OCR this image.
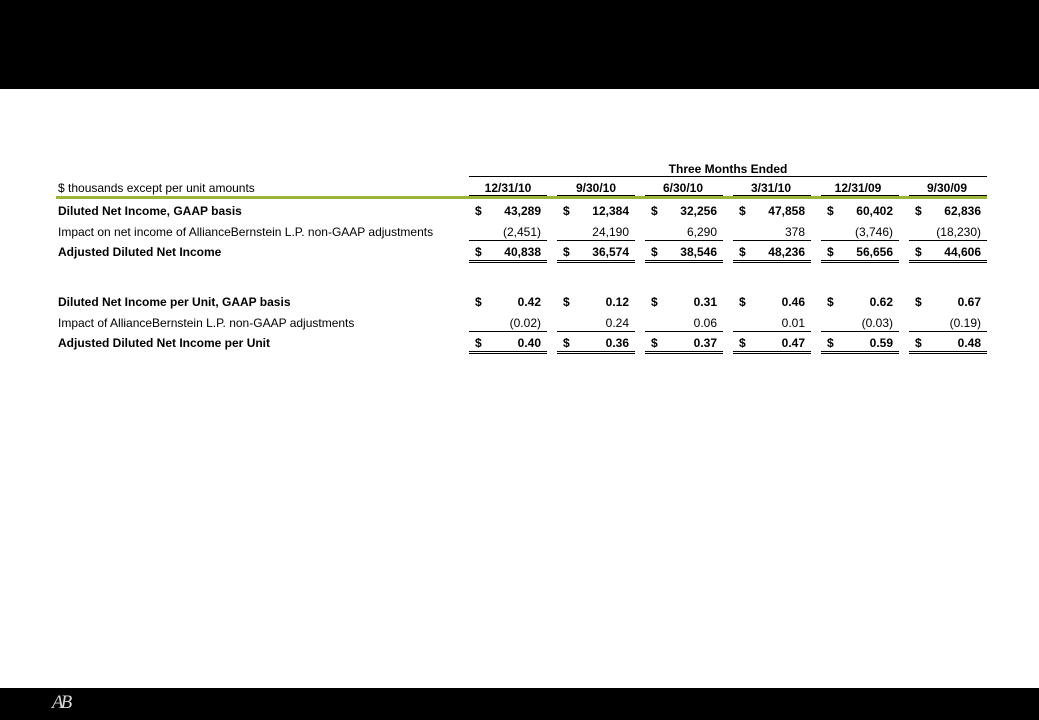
Three Months Ended
$ thousands except per unit amounts	12/31/10	9/30/10	6/30/10	3/31/10	12/31/09	9/30/09
Diluted Net Income, GAAP basis	$	43,289 $	12,384 $	32,256 $	47,858 $	60,402 $	62,836
Impact on net income of AllianceBernstein L.P. non-GAAP adjustments	(2,451)	24,190	6,290	378	(3,746)	(18,230)
Adjusted Diluted Net Income	$	40,838 $	36,574 $	38,546 $	48,236 $	56,656 $	44,606
Diluted Net Income per Unit, GAAP basis	$	0.42 $	0.12 $	0.31 $	0.46 $	0.62 $	0.67
Impact of AllianceBernstein L.P. non-GAAP adjustments	(0.02)	0.24	0.06	0.01	(0.03)	(0.19)
Adjusted Diluted Net Income per Unit	$	0.40 $	0.36 $	0.37 $	0.47 $	0.59 $	0.48
AB
